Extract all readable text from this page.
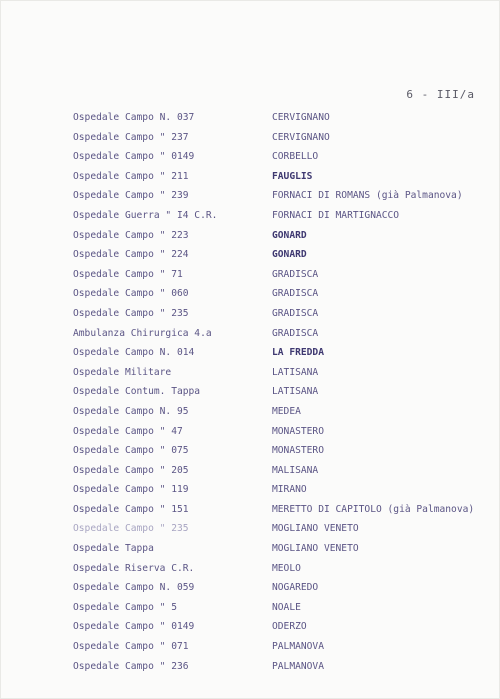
6 - III/a
Ospedale Campo N. 037	CERVIGNANO
Ospedale Campo " 237	CERVIGNANO
Ospedale Campo " 0149	CORBELLO
Ospedale Campo " 211	FAUGLIS
Ospedale Campo " 239	FORNACI DI ROMANS (già Palmanova)
Ospedale Guerra " I4 C.R.	FORNACI DI MARTIGNACCO
Ospedale Campo " 223	GONARD
Ospedale Campo " 224	GONARD
Ospedale Campo " 71	GRADISCA
Ospedale Campo " 060	GRADISCA
Ospedale Campo " 235	GRADISCA
Ambulanza Chirurgica 4.a	GRADISCA
Ospedale Campo N. 014	LA FREDDA
Ospedale Militare	LATISANA
Ospedale Contum. Tappa	LATISANA
Ospedale Campo N. 95	MEDEA
Ospedale Campo " 47	MONASTERO
Ospedale Campo " 075	MONASTERO
Ospedale Campo " 205	MALISANA
Ospedale Campo " 119	MIRANO
Ospedale Campo " 151	MERETTO DI CAPITOLO (già Palmanova)
Ospedale Campo " 235	MOGLIANO VENETO
Ospedale Tappa	MOGLIANO VENETO
Ospedale Riserva C.R.	MEOLO
Ospedale Campo N. 059	NOGAREDO
Ospedale Campo " 5	NOALE
Ospedale Campo " 0149	ODERZO
Ospedale Campo " 071	PALMANOVA
Ospedale Campo " 236	PALMANOVA
